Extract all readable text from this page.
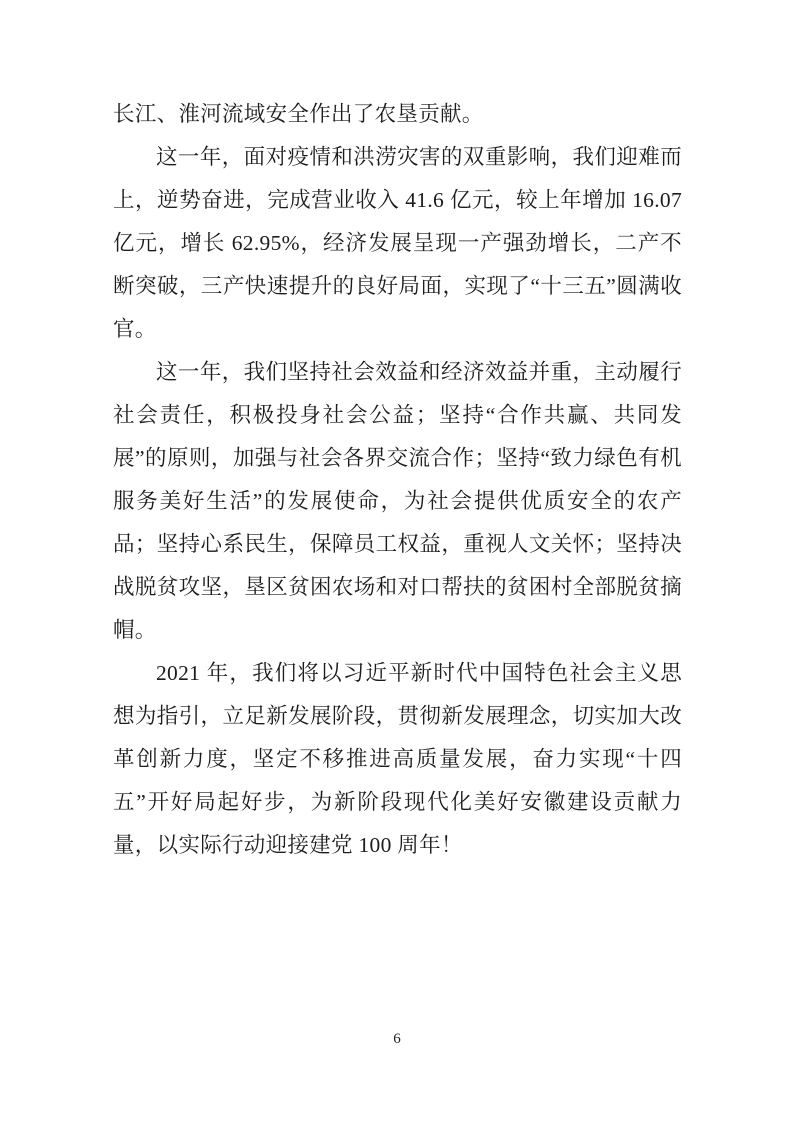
长江、淮河流域安全作出了农垦贡献。

这一年，面对疫情和洪涝灾害的双重影响，我们迎难而上，逆势奋进，完成营业收入 41.6 亿元，较上年增加 16.07 亿元，增长 62.95%，经济发展呈现一产强劲增长，二产不断突破，三产快速提升的良好局面，实现了“十三五”圆满收官。

这一年，我们坚持社会效益和经济效益并重，主动履行社会责任，积极投身社会公益；坚持“合作共赢、共同发展”的原则，加强与社会各界交流合作；坚持“致力绿色有机 服务美好生活”的发展使命，为社会提供优质安全的农产品；坚持心系民生，保障员工权益，重视人文关怀；坚持决战脱贫攻坚，垦区贫困农场和对口帮扶的贫困村全部脱贫摘帽。

2021 年，我们将以习近平新时代中国特色社会主义思想为指引，立足新发展阶段，贯彻新发展理念，切实加大改革创新力度，坚定不移推进高质量发展，奋力实现“十四五”开好局起好步，为新阶段现代化美好安徽建设贡献力量，以实际行动迎接建党 100 周年！

6
